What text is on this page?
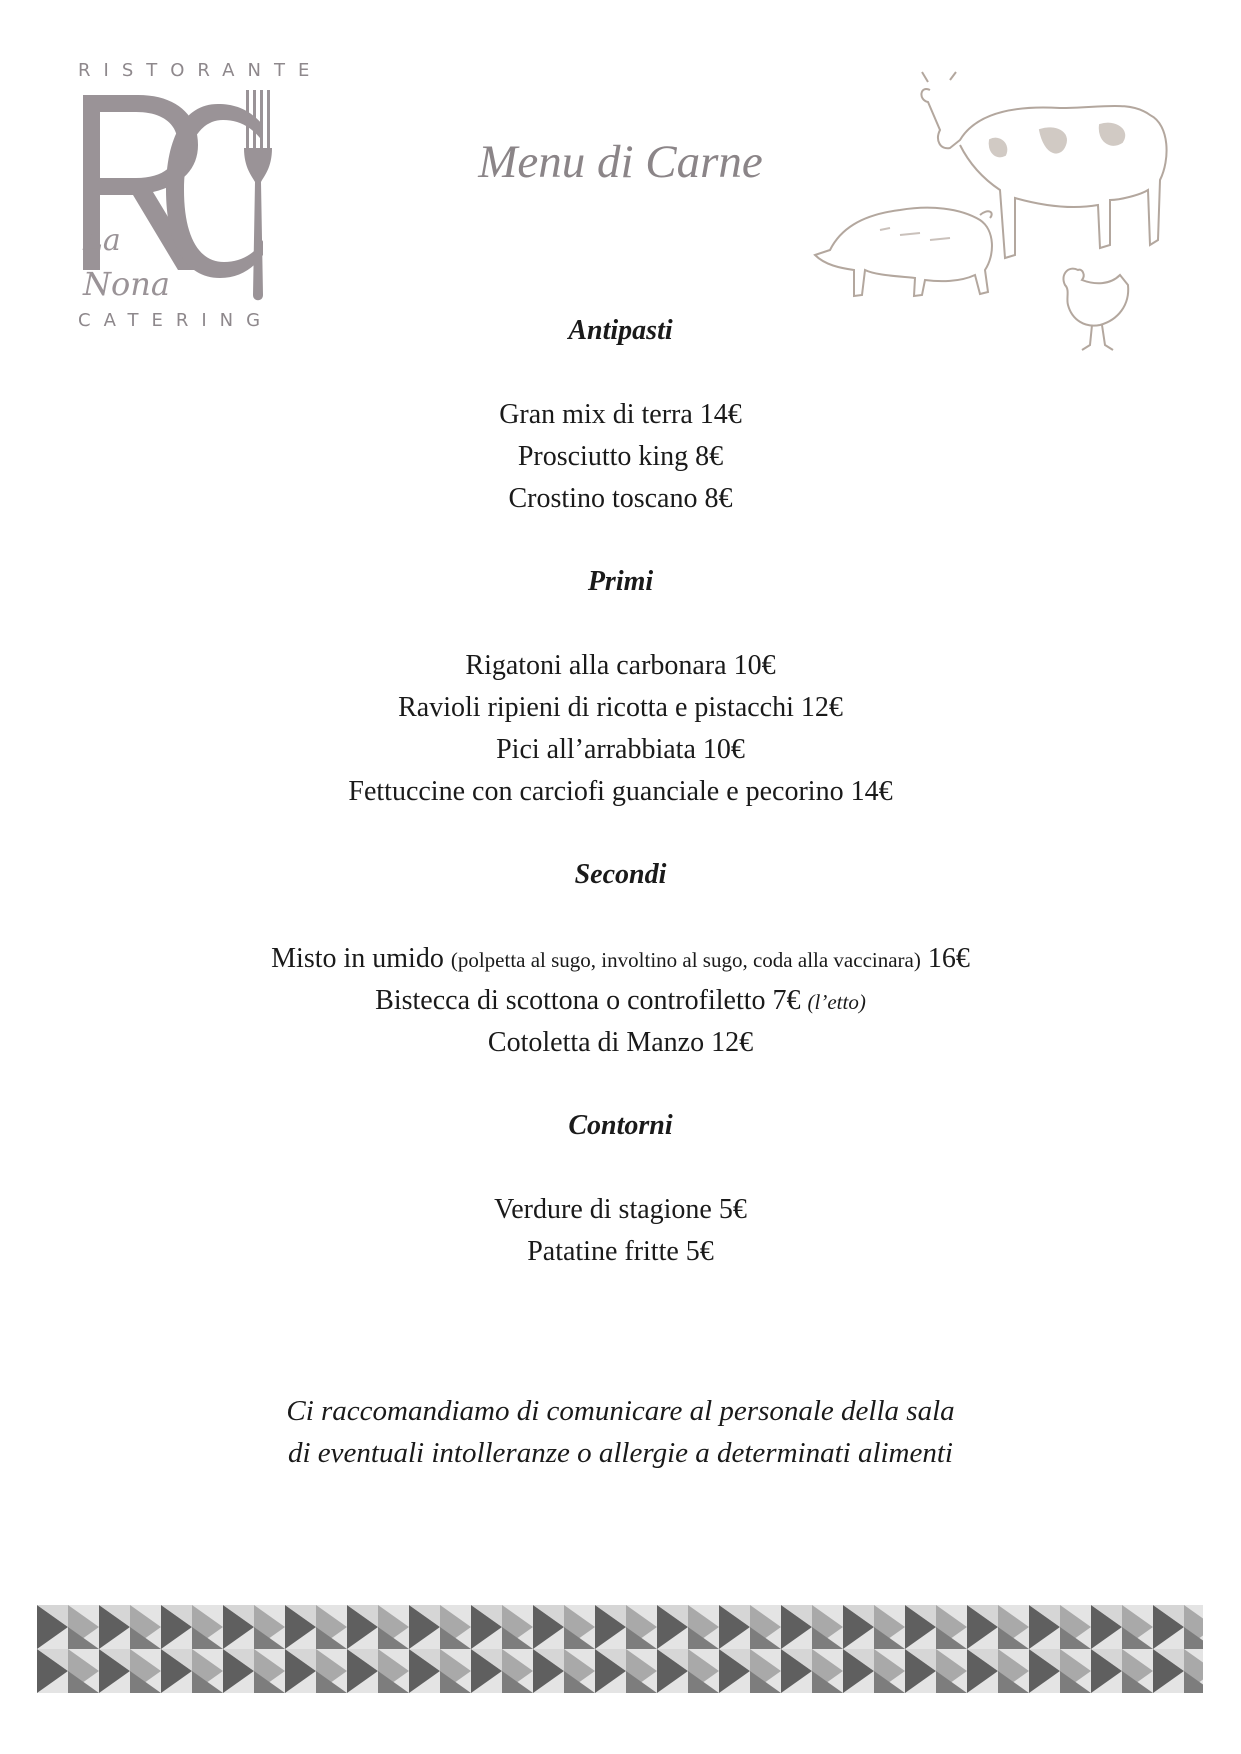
RISTORANTE
La
Nona
CATERING
Menu di Carne
Antipasti
Gran mix di terra 14€
Prosciutto king 8€
Crostino toscano 8€
Primi
Rigatoni alla carbonara 10€
Ravioli ripieni di ricotta e pistacchi 12€
Pici all’arrabbiata 10€
Fettuccine con carciofi guanciale e pecorino 14€
Secondi
Misto in umido (polpetta al sugo, involtino al sugo, coda alla vaccinara) 16€
Bistecca di scottona o controfiletto 7€ (l’etto)
Cotoletta di Manzo 12€
Contorni
Verdure di stagione 5€
Patatine fritte 5€
Ci raccomandiamo di comunicare al personale della sala
di eventuali intolleranze o allergie a determinati alimenti
